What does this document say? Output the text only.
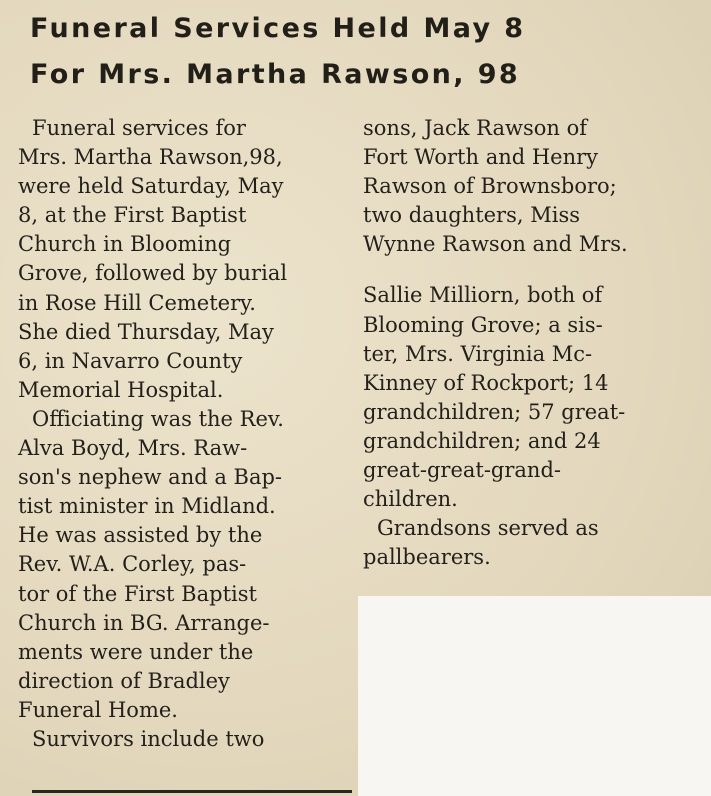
Funeral Services Held May 8
For Mrs. Martha Rawson, 98
Funeral services for
Mrs. Martha Rawson,98,
were held Saturday, May
8, at the First Baptist
Church in Blooming
Grove, followed by burial
in Rose Hill Cemetery.
She died Thursday, May
6, in Navarro County
Memorial Hospital.
Officiating was the Rev.
Alva Boyd, Mrs. Raw-
son's nephew and a Bap-
tist minister in Midland.
He was assisted by the
Rev. W.A. Corley, pas-
tor of the First Baptist
Church in BG. Arrange-
ments were under the
direction of Bradley
Funeral Home.
Survivors include two
sons, Jack Rawson of
Fort Worth and Henry
Rawson of Brownsboro;
two daughters, Miss
Wynne Rawson and Mrs.
Sallie Milliorn, both of
Blooming Grove; a sis-
ter, Mrs. Virginia Mc-
Kinney of Rockport; 14
grandchildren; 57 great-
grandchildren; and 24
great-great-grand-
children.
Grandsons served as
pallbearers.
